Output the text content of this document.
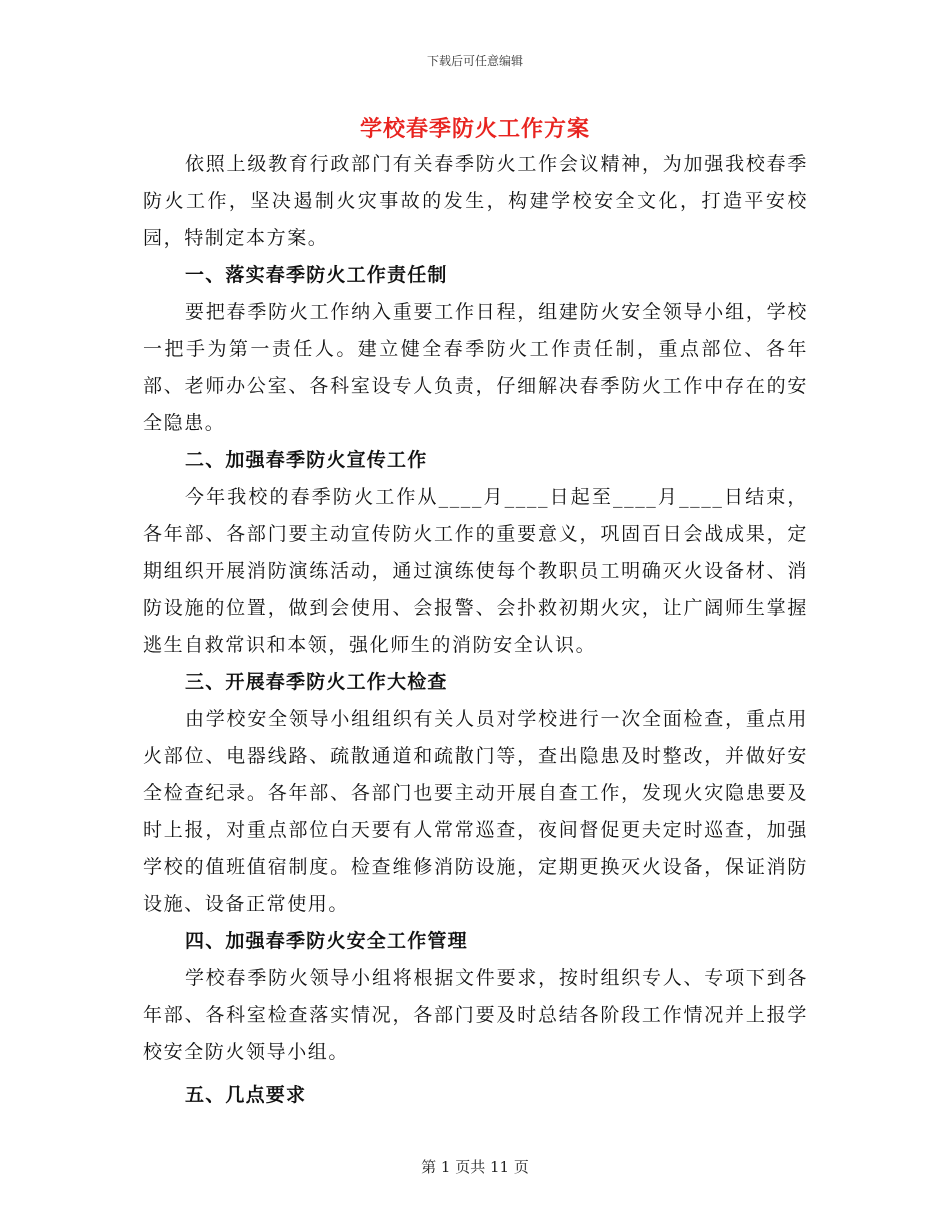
下载后可任意编辑
学校春季防火工作方案

依照上级教育行政部门有关春季防火工作会议精神，为加强我校春季防火工作，坚决遏制火灾事故的发生，构建学校安全文化，打造平安校园，特制定本方案。

一、落实春季防火工作责任制

要把春季防火工作纳入重要工作日程，组建防火安全领导小组，学校一把手为第一责任人。建立健全春季防火工作责任制，重点部位、各年部、老师办公室、各科室设专人负责，仔细解决春季防火工作中存在的安全隐患。

二、加强春季防火宣传工作

今年我校的春季防火工作从____月____日起至____月____日结束，各年部、各部门要主动宣传防火工作的重要意义，巩固百日会战成果，定期组织开展消防演练活动，通过演练使每个教职员工明确灭火设备材、消防设施的位置，做到会使用、会报警、会扑救初期火灾，让广阔师生掌握逃生自救常识和本领，强化师生的消防安全认识。

三、开展春季防火工作大检查

由学校安全领导小组组织有关人员对学校进行一次全面检查，重点用火部位、电器线路、疏散通道和疏散门等，查出隐患及时整改，并做好安全检查纪录。各年部、各部门也要主动开展自查工作，发现火灾隐患要及时上报，对重点部位白天要有人常常巡查，夜间督促更夫定时巡查，加强学校的值班值宿制度。检查维修消防设施，定期更换灭火设备，保证消防设施、设备正常使用。

四、加强春季防火安全工作管理

学校春季防火领导小组将根据文件要求，按时组织专人、专项下到各年部、各科室检查落实情况，各部门要及时总结各阶段工作情况并上报学校安全防火领导小组。

五、几点要求

第 1 页共 11 页
